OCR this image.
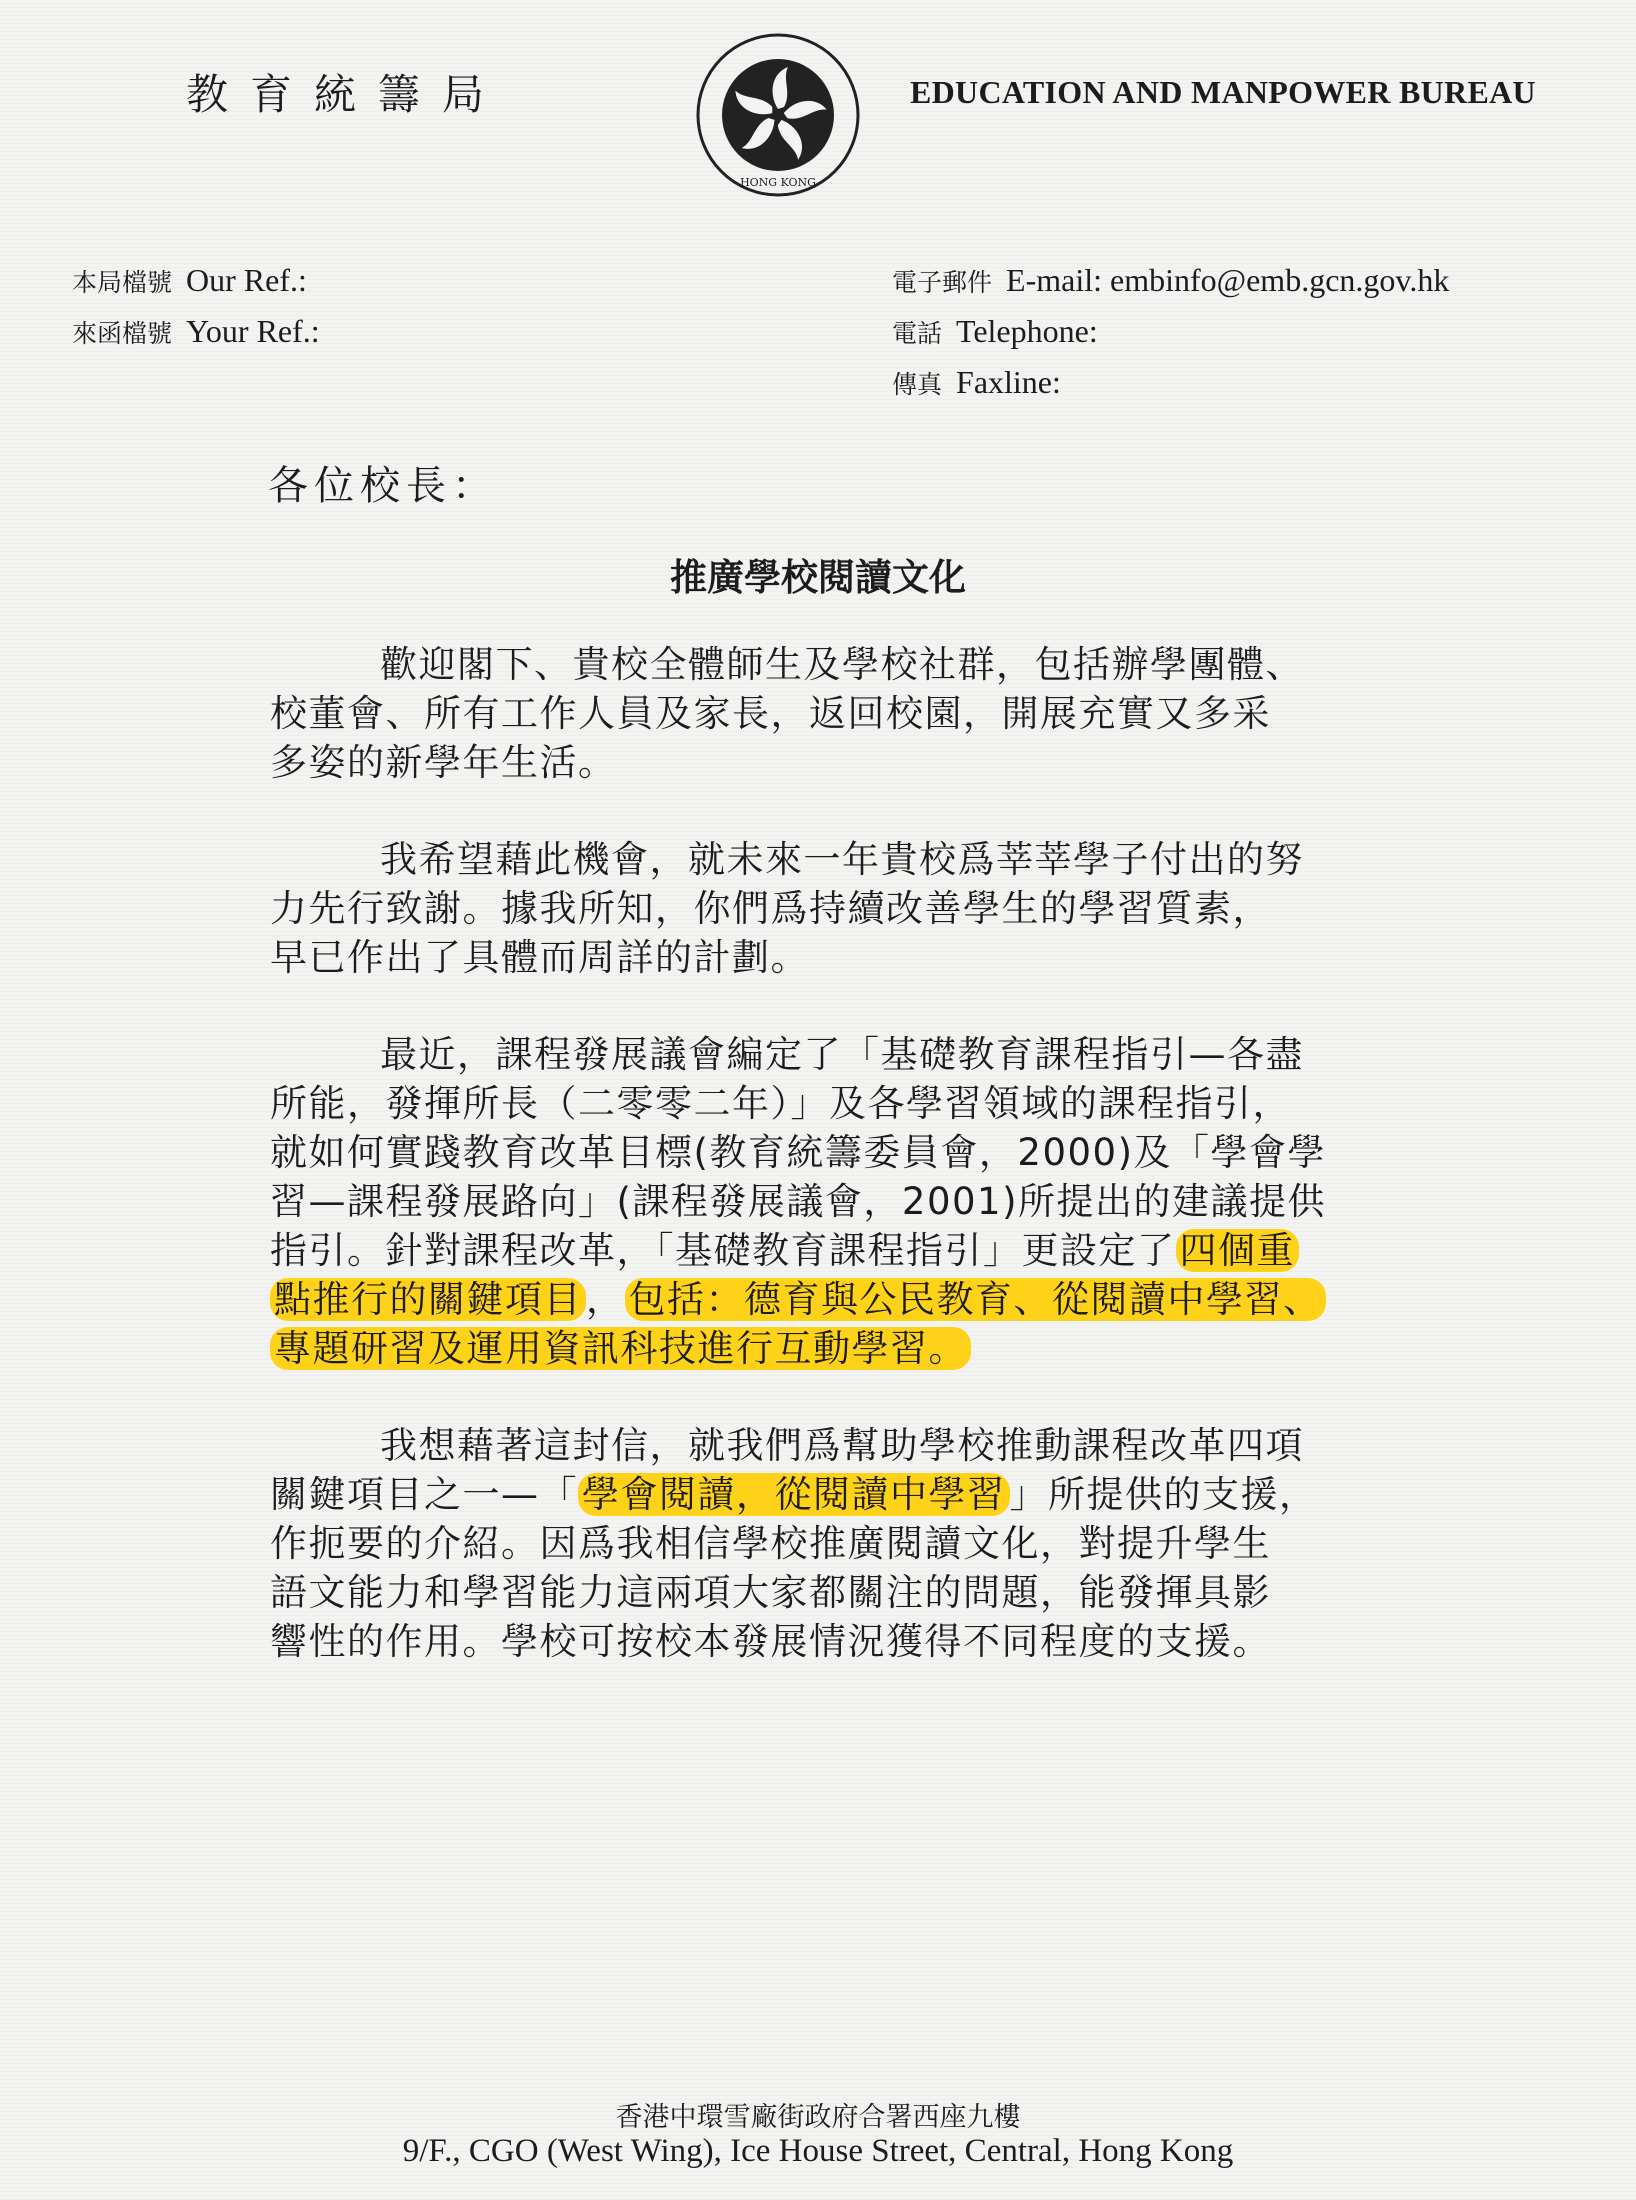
教育統籌局
HONG KONG
EDUCATION AND MANPOWER BUREAU
本局檔號 Our Ref.:
來函檔號 Your Ref.:
電子郵件 E-mail: embinfo@emb.gcn.gov.hk
電話 Telephone:
傳真 Faxline:
各位校長：
推廣學校閱讀文化
歡迎閣下、貴校全體師生及學校社群，包括辦學團體、
校董會、所有工作人員及家長，返回校園，開展充實又多采
多姿的新學年生活。
我希望藉此機會，就未來一年貴校爲莘莘學子付出的努
力先行致謝。據我所知，你們爲持續改善學生的學習質素，
早已作出了具體而周詳的計劃。
最近，課程發展議會編定了「基礎教育課程指引—各盡
所能，發揮所長（二零零二年）」及各學習領域的課程指引，
就如何實踐教育改革目標(教育統籌委員會，2000)及「學會學
習—課程發展路向」(課程發展議會，2001)所提出的建議提供
指引。針對課程改革，「基礎教育課程指引」更設定了 四個重
點推行的關鍵項目 ， 包括：德育與公民教育、從閱讀中學習、
專題研習及運用資訊科技進行互動學習。
我想藉著這封信，就我們爲幫助學校推動課程改革四項
關鍵項目之一—「 學會閱讀，從閱讀中學習 」所提供的支援，
作扼要的介紹。因爲我相信學校推廣閱讀文化，對提升學生
語文能力和學習能力這兩項大家都關注的問題，能發揮具影
響性的作用。學校可按校本發展情況獲得不同程度的支援。
香港中環雪廠街政府合署西座九樓
9/F., CGO (West Wing), Ice House Street, Central, Hong Kong
